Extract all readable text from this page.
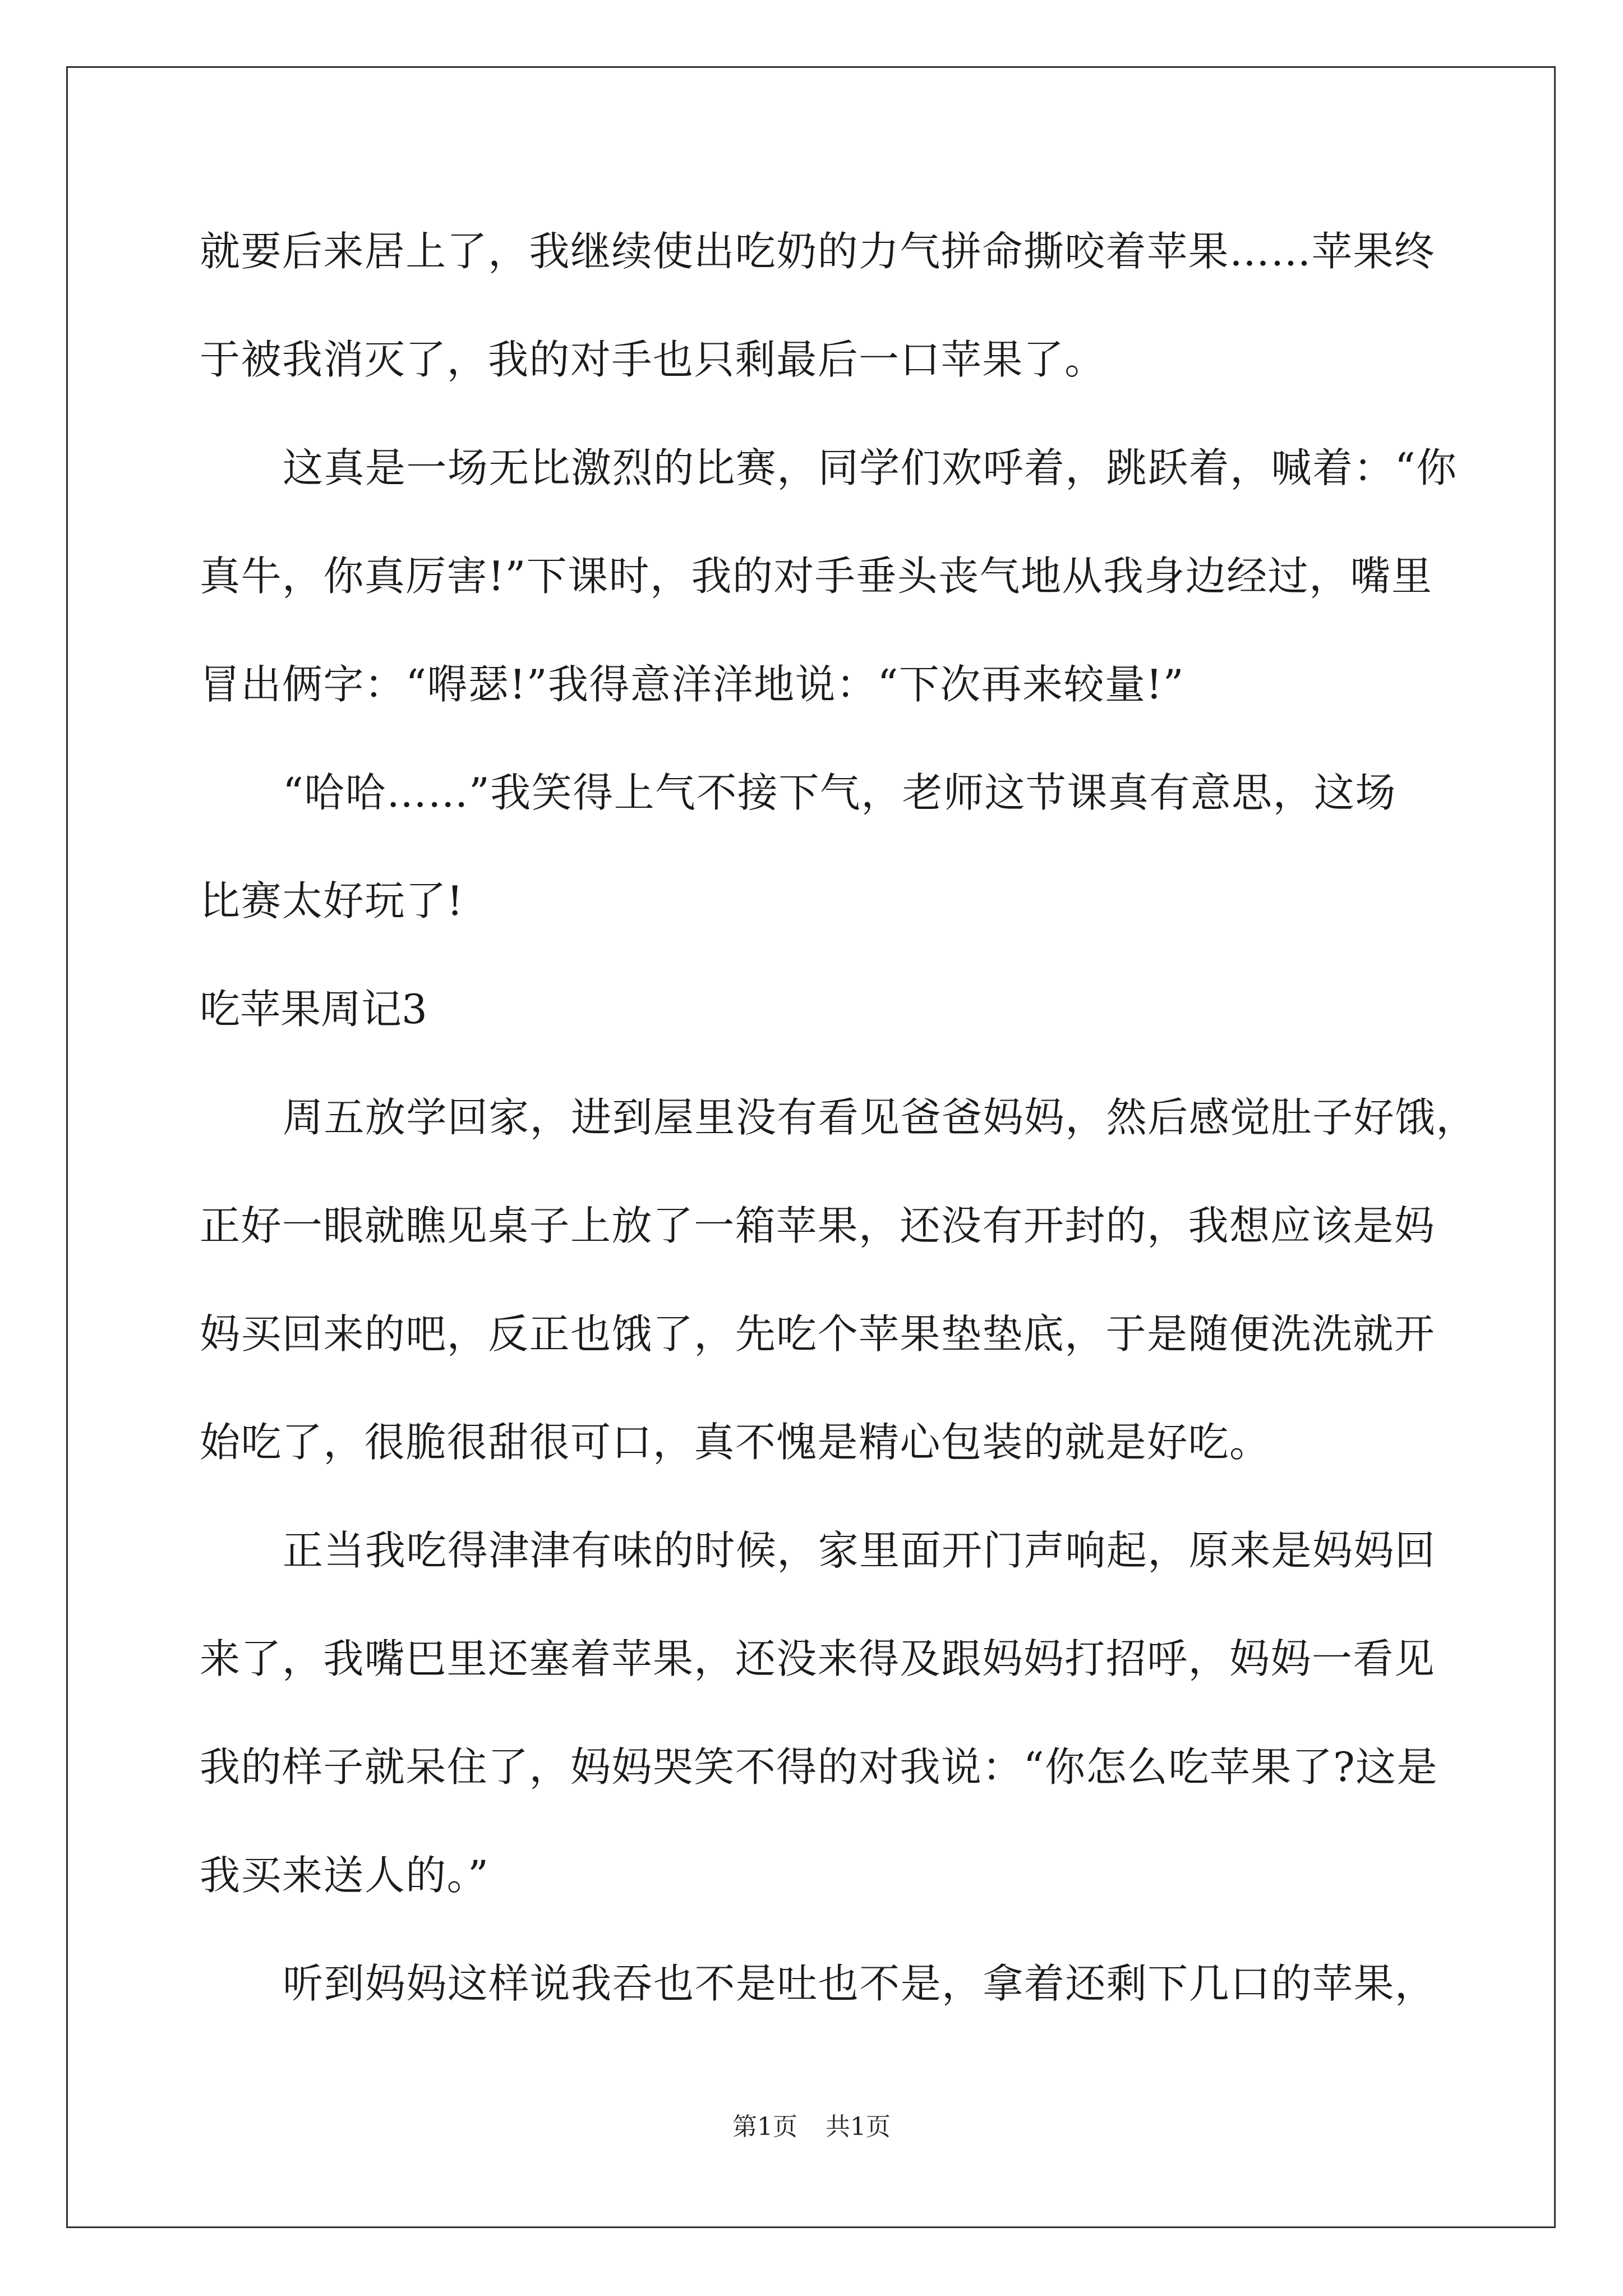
就要后来居上了，我继续使出吃奶的力气拼命撕咬着苹果……苹果终
于被我消灭了，我的对手也只剩最后一口苹果了。
这真是一场无比激烈的比赛，同学们欢呼着，跳跃着，喊着：“你
真牛，你真厉害!”下课时，我的对手垂头丧气地从我身边经过，嘴里
冒出俩字：“嘚瑟!”我得意洋洋地说：“下次再来较量!”
“哈哈……”我笑得上气不接下气，老师这节课真有意思，这场
比赛太好玩了!
吃苹果周记3
周五放学回家，进到屋里没有看见爸爸妈妈，然后感觉肚子好饿，
正好一眼就瞧见桌子上放了一箱苹果，还没有开封的，我想应该是妈
妈买回来的吧，反正也饿了，先吃个苹果垫垫底，于是随便洗洗就开
始吃了，很脆很甜很可口，真不愧是精心包装的就是好吃。
正当我吃得津津有味的时候，家里面开门声响起，原来是妈妈回
来了，我嘴巴里还塞着苹果，还没来得及跟妈妈打招呼，妈妈一看见
我的样子就呆住了，妈妈哭笑不得的对我说：“你怎么吃苹果了?这是
我买来送人的。”
听到妈妈这样说我吞也不是吐也不是，拿着还剩下几口的苹果，
第1页 共1页
